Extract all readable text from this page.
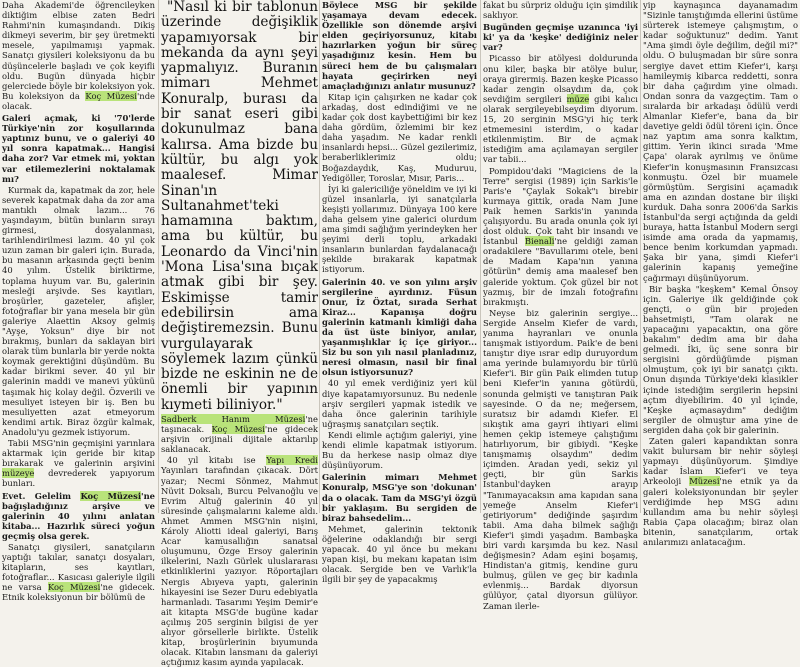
Daha Akademi'de öğrencileyken diktiğim elbise zaten Bedri Rahmi'nin kumaşındandı. Dikiş dikmeyi severim, bir şey üretmekti mesele, yapılmamışı yapmak. Sanatçı giysileri koleksiyonu da bu düşüncelerle başladı ve çok keyifli oldu. Bugün dünyada hiçbir gelerciede böyle bir koleksiyon yok. Bu koleksiyon da Koç Müzesi'nde olacak.

Galeri açmak, ki '70'lerde Türkiye'nin zor koşullarında yaptınız bunu, ve o galeriyi 40 yıl sonra kapatmak... Hangisi daha zor? Var etmek mi, yoktan var etilemezlerini noktalamak mı?

Kurmak da, kapatmak da zor, hele severek kapatmak daha da zor ama mantıklı olmak lazım... 76 yaşındayım, bütün bunların sırayı girmesi, dosyalanması, tarihlendirilmesi lazım. 40 yıl çok uzun zaman bir galeri için. Burada, bu masanın arkasında geçti benim 40 yılım. Üstelik biriktirme, toplama huyum var. Bu, galerinin mesleği arşivde. Ses kayıtları, broşürler, gazeteler, afişler, fotoğraflar bir yana mesela bir gün galeriye Alaettin Aksoy gelmiş "Ayşe, Yoksun" diye bir not bırakmış, bunları da saklayan biri olarak tüm bunlarla bir yerde nokta koymak gerektiğini düşündüm. Bu kadar birikmi sever. 40 yıl bir galerinin maddi ve manevi yükünü taşımak hiç kolay değil. Özverili ve mesuliyet isteyen bir iş. Ben bu mesuliyetten azat etmeyorum kendimi artık. Biraz özgür kalmak, Anadolu'yu gezmek istiyorum.

Tabii MSG'nin geçmişini yarınlara aktarmak için geride bir kitap bırakarak ve galerinin arşivini müzeye devrederek yapıyorum bunları.

Evet. Gelelim Koç Müzesi'ne bağışladığınız arşive ve galerinin 40 yılını anlatan kitaba... Hazırlık süreci yoğun geçmiş olsa gerek.

Sanatçı giysileri, sanatçıların yaptığı takılar, sanatçı dosyaları, kitapların, ses kayıtları, fotoğraflar... Kasıcası galeriyle ilgili ne varsa Koç Müzesi'ne gidecek. Etnik koleksiyonun bir bölümü de

"Nasıl ki bir tablonun üzerinde değişiklik yapamıyorsak bir mekanda da aynı şeyi yapmalıyız. Buranın mimarı Mehmet Konuralp, burası da bir sanat eseri gibi dokunulmaz bana kalırsa. Ama bizde bu kültür, bu algı yok maalesef. Mimar Sinan'ın Sultanahmet'teki hamamına baktım, ama bu kültür, bu Leonardo da Vinci'nin 'Mona Lisa'sına bıçak atmak gibi bir şey. Eskimişse tamir edebilirsin ama değiştiremezsin. Bunu vurgulayarak söylemek lazım çünkü bizde ne eskinin ne de önemli bir yapının kıymeti biliniyor."

Sadberk Hanım Müzesi'ne taşınacak. Koç Müzesi'ne gidecek arşivin orijinali dijitale aktarılıp saklanacak.

40 yıl kitabı ise Yapı Kredi Yayınları tarafından çıkacak. Dört yazar; Necmi Sönmez, Mahmut Nüvit Doksalı, Burcu Pelvanoğlu ve Evrim Altuğ galerinin 40 yıl süresinde çalışmalarını kaleme aldı. Ahmet Ammen MSG'nin nişini, Károly Aliotti ideal galeriyi, Barış Acar kamusallığın sanatsal oluşumunu, Özge Ersoy galerinin ilkelerini, Nazlı Gürlek uluslararası etkinliklerini yazıyor. Röportajları Nergis Abıyeva yaptı, galerinin hikayesini ise Sezer Duru edebiyatla harmanladı. Tasarımı Yeşim Demir'e ait kitapta MSG'de bugüne kadar açılmış 205 serginin bilgisi de yer alıyor görsellerle birlikte. Üstelik kitap, broşürlerinin bıyumunda olacak. Kitabın lansmanı da galeriyi açtığımız kasım ayında yapılacak.

Böylece MSG bir şekilde yaşamaya devam edecek. Özellikle son dönemde arşivi elden geçiriyorsunuz, kitabı hazırlarken yoğun bir süreç yaşadığınız kesin. Hem bu süreci hem de bu çalışmaları hayata geçirirken neyi amaçladığınızı anlatır musunuz?

Kitap için çalışırken ne kadar çok arkadaş, dost edindiğimi ve ne kadar çok dost kaybettiğimi bir kez daha gördüm, özlemimi bir kez daha yaşadım. Ne kadar renkli insanlardı hepsi... Güzel gezilerimiz, beraberliklerimiz oldu; Boğazdaydık, Kaş, Muduruu, Yedigöller, Toroslar, Mısır, Paris...

İyi ki galericiliğe yöneldim ve iyi ki güzel insanlarla, iyi sanatçılarla keşişti yollarımız. Dünyaya 100 kere daha gelsem yine galerici olurdum ama şimdi sağlığım yerindeyken her şeyimi derli toplu, arkadaki insanların bunlardan faydalanacağı şekilde bırakarak kapatmak istiyorum.

Galerinin 40. ve son yılını arşiv sergilerine ayırdınız. Füsun Onur, İz Öztat, sırada Serhat Kiraz... Kapanışa doğru galerinin katmanlı kimliği daha da üst üste biniyor, anılar, yaşanmışlıklar iç içe giriyor... Siz bu son yılı nasıl planladınız, neresi olmasın, nasıl bir final olsun istiyorsunuz?

40 yıl emek verdiğiniz yeri kül diye kapatamıyorsunuz. Bu nedenle arşiv sergileri yapmak istedik ve daha önce galerinin tarihiyle uğraşmış sanatçıları seçtik.

Kendi elimle açtığım galeriyi, yine kendi elimle kapatmak istiyorum. Bu da herkese nasip olmaz diye düşünüyorum.

Galerinin mimarı Mehmet Konuralp, MSG'ye son 'dokunan' da o olacak. Tam da MSG'yi özgü bir yaklaşım. Bu sergiden de biraz bahsedelim...

Mehmet, galerinin tektonik öğelerine odaklandığı bir sergi yapacak. 40 yıl önce bu mekanı yapan kişi, bu mekanı kapatan isim olacak. Sergide ben ve Varlık'la ilgili bir şey de yapacakmış

fakat bu sürpriz olduğu için şimdilik saklıyor.

Bugünden geçmişe uzanınca 'iyi ki' ya da 'keşke' dediğiniz neler var?

Picasso bir atölyesi doldurunda onu kiler, başka bir atölye bulur, oraya girermiş. Bazen keşke Picasso kadar zengin olsaydım da, çok sevdiğim sergileri müze gibi kalıcı olarak sergileyebilseydim diyorum. 15, 20 serginin MSG'yi hiç terk etmemesini isterdim, o kadar etkilenmiştim. Bir de açmak istediğim ama açılamayan sergiler var tabii...

Pompidou'daki "Magiciens de la Terre" sergisi (1989) için Sarkis'le Paris'e "Çaylak Sokak"ı birebir kurmaya gittik, orada Nam June Paik hemen Sarkis'in yanında çalışıyordu. Bu arada onunla çok iyi dost olduk. Çok taht bir insandı ve İstanbul Bienali'ne geldiği zaman oradakilere "Bavullarımı otele, beni de Madam Kapa'nın yanına götürün" demiş ama maalesef ben galeride yoktum. Çok güzel bir not yazmış, bir de imzalı fotoğrafını bırakmıştı.

Neyse biz galerinin sergiye... Sergide Anselm Kiefer de vardı, yanıma hayranları ve onunla tanışmak istiyordum. Paik'e de beni tanıştır diye ısrar edip duruyordum ama yerinde bulamıyordu bir türlü Kiefer'i. Bir gün Paik elimden tutup beni Kiefer'in yanına götürdü, sonunda gelmişti ve tanıştıran Paik sayesinde. O da ne; meğersem, suratsız bir adamdı Kiefer. El sıkıştık ama gayri ihtiyari elimi hemen çekip istemeye çalıştığımı hatırlıyorum, bir gibiydi. "Keşke tanışmamış olsaydım" dedim içimden. Aradan yedi, sekiz yıl geçti, bir gün Sarkis İstanbul'dayken arayıp "Tanımayacaksın ama kapıdan sana yemeğe Anselm Kiefer'i getiriyorum" dediğinde şaşırdım tabii. Ama daha bilmek sağlığı Kiefer'i şimdi yaşadım. Bambaşka biri vardı karşımda bu kez. Nasıl değişmesin? Adam eşini boşamış, Hindistan'a gitmiş, kendine guru bulmuş, gülen ve geç bir kadınla evlenmiş... Bardak diyorsun gülüyor, çatal diyorsun gülüyor. Zaman ilerle-

yip kaynaşınca dayanamadım "Sizinle tanıştığımda ellerini üstüme sürterek istemeye çalışmıştım, o kadar soğuktunuz" dedim. Yanıt "Ama şimdi öyle değilim, değil mi?" oldu. O buluşmadan bir süre sonra sergiye davet ettim Kiefer'i, karşı hamileymiş kibarca reddetti, sonra bir daha çağırdım yine olmadı. Ondan sonra da vazgeçtim. Tam o sıralarda bir arkadaşı ödülü verdi Almanlar Kiefer'e, bana da bir davetiye geldi ödül töreni için. Önce naz yaptım ama sonra kalktım, gittim. Yerin ikinci sırada 'Mme Çapa' olarak ayrılmış ve önüme Kiefer'in konuşmasının Fransızcası konmuştu. Özel bir muamele görmüştüm. Sergisini açamadık ama en azından dostane bir ilişki kurduk. Daha sonra 2006'da Sarkis İstanbul'da sergi açtığında da geldi buraya, hatta İstanbul Modern sergi isimde ama orada da yapmamış, bence benim korkumdan yapmadı. Şaka bir yana, şimdi Kiefer'i galerinin kapanış yemeğine çağırmayı düşünüyorum.

Bir başka "keşkem" Kemal Önsoy için. Galeriye ilk geldiğinde çok gençti, o gün bir projeden bahsetmişti, "Tam olarak ne yapacağını yapacaktın, ona göre bakalım" dedim ama bir daha gelmedi. İki, üç sene sonra bir sergisini gördüğümde pişman olmuştum, çok iyi bir sanatçı çıktı. Onun dışında Türkiye'deki klasikler içinde istediğim sergilerin hepsini açtım diyebilirim. 40 yıl içinde, "Keşke açmasaydım" dediğim sergiler de olmuştur ama yine de sergiden daha çok bir galerinin.

Zaten galeri kapandıktan sonra vakit bulursam bir nehir söyleşi yapmayı düşünüyorum. Şimdiye kadar İslam Kiefer'i ve teya Arkeoloji Müzesi'ne etnik ya da galeri koleksiyonundan bir şeyler verdiğimde hep MSG adını kullandım ama bu nehir söyleşi Rabia Çapa olacağım; biraz olan bitenin, sanatçılarım, ortak anılarımızı anlatacağım.
